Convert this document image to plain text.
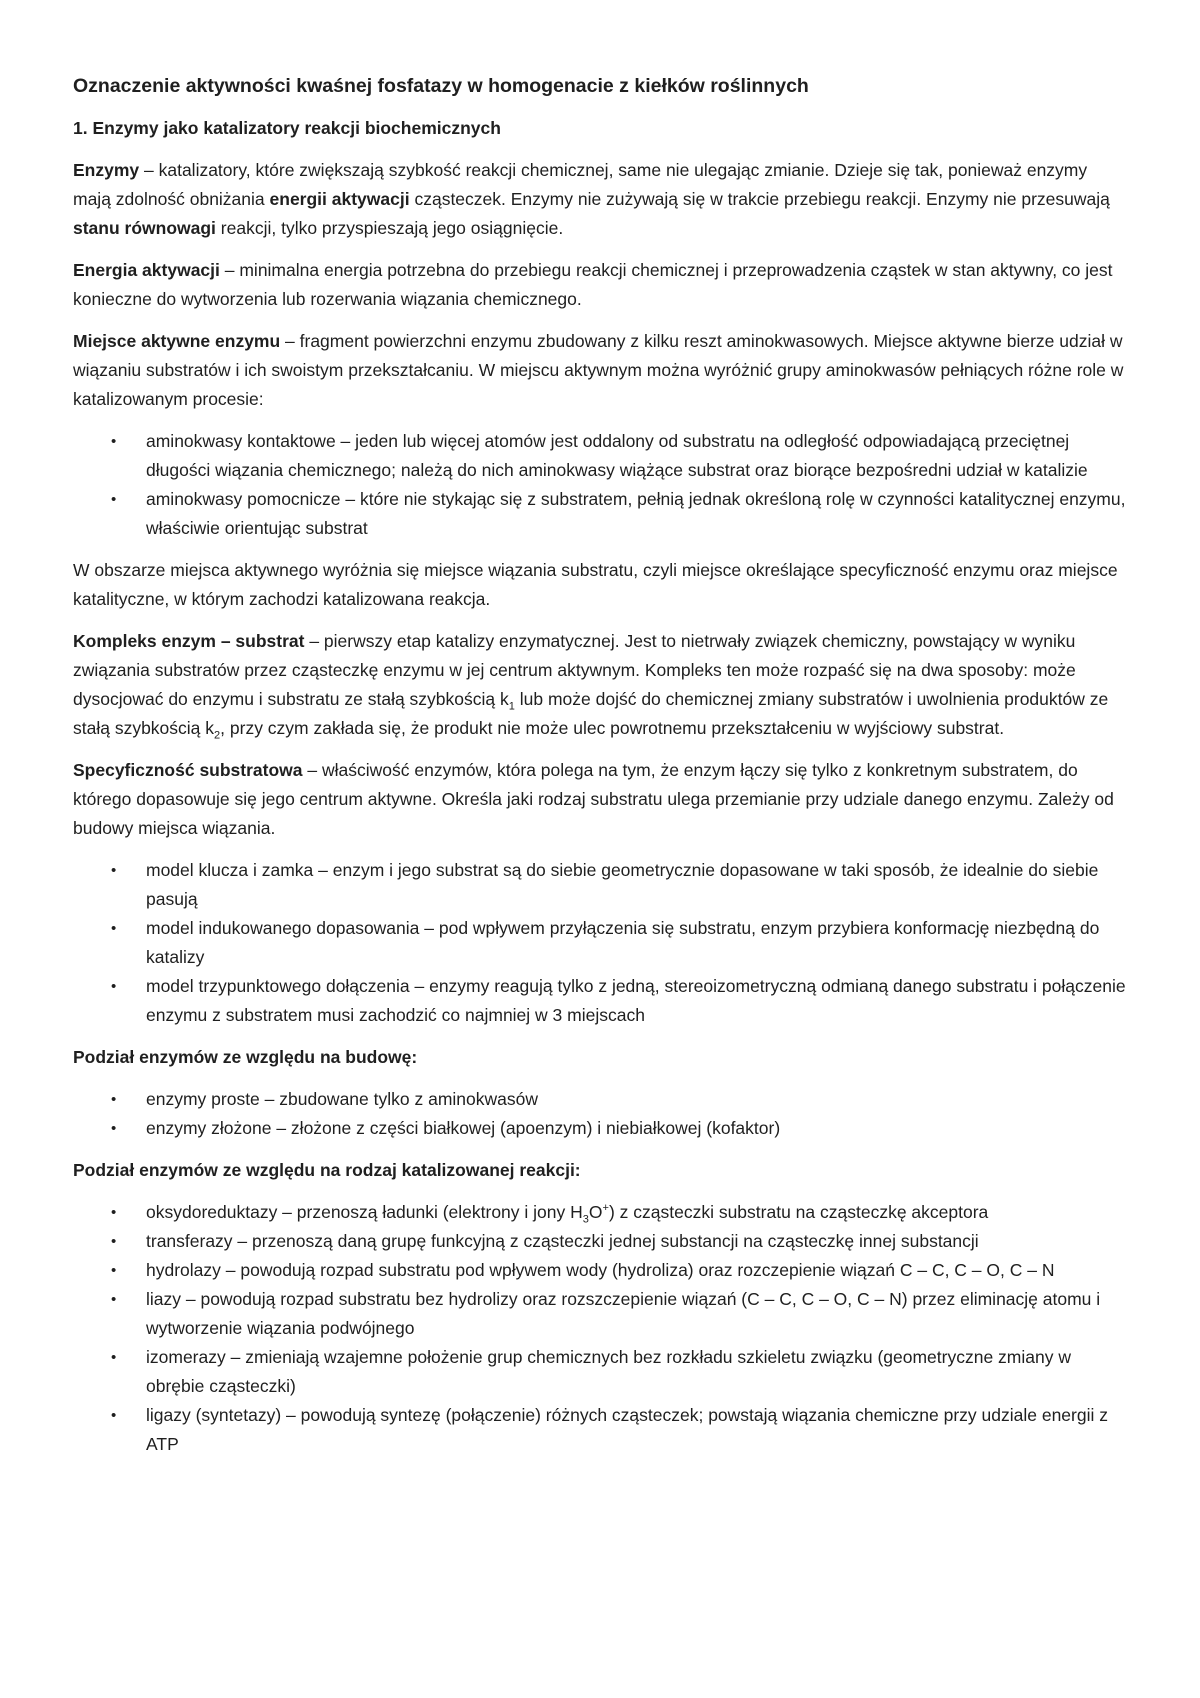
Oznaczenie aktywności kwaśnej fosfatazy w homogenacie z kiełków roślinnych
1. Enzymy jako katalizatory reakcji biochemicznych

Enzymy – katalizatory, które zwiększają szybkość reakcji chemicznej, same nie ulegając zmianie. Dzieje się tak, ponieważ enzymy mają zdolność obniżania energii aktywacji cząsteczek. Enzymy nie zużywają się w trakcie przebiegu reakcji. Enzymy nie przesuwają stanu równowagi reakcji, tylko przyspieszają jego osiągnięcie.

Energia aktywacji – minimalna energia potrzebna do przebiegu reakcji chemicznej i przeprowadzenia cząstek w stan aktywny, co jest konieczne do wytworzenia lub rozerwania wiązania chemicznego.

Miejsce aktywne enzymu – fragment powierzchni enzymu zbudowany z kilku reszt aminokwasowych. Miejsce aktywne bierze udział w wiązaniu substratów i ich swoistym przekształcaniu. W miejscu aktywnym można wyróżnić grupy aminokwasów pełniących różne role w katalizowanym procesie:

• aminokwasy kontaktowe – jeden lub więcej atomów jest oddalony od substratu na odległość odpowiadającą przeciętnej długości wiązania chemicznego; należą do nich aminokwasy wiążące substrat oraz biorące bezpośredni udział w katalizie
• aminokwasy pomocnicze – które nie stykając się z substratem, pełnią jednak określoną rolę w czynności katalitycznej enzymu, właściwie orientując substrat

W obszarze miejsca aktywnego wyróżnia się miejsce wiązania substratu, czyli miejsce określające specyficzność enzymu oraz miejsce katalityczne, w którym zachodzi katalizowana reakcja.

Kompleks enzym – substrat – pierwszy etap katalizy enzymatycznej. Jest to nietrwały związek chemiczny, powstający w wyniku związania substratów przez cząsteczkę enzymu w jej centrum aktywnym. Kompleks ten może rozpaść się na dwa sposoby: może dysocjować do enzymu i substratu ze stałą szybkością $k_1$ lub może dojść do chemicznej zmiany substratów i uwolnienia produktów ze stałą szybkością $k_2$, przy czym zakłada się, że produkt nie może ulec powrotnemu przekształceniu w wyjściowy substrat.

Specyficzność substratowa – właściwość enzymów, która polega na tym, że enzym łączy się tylko z konkretnym substratem, do którego dopasowuje się jego centrum aktywne. Określa jaki rodzaj substratu ulega przemianie przy udziale danego enzymu. Zależy od budowy miejsca wiązania.

• model klucza i zamka – enzym i jego substrat są do siebie geometrycznie dopasowane w taki sposób, że idealnie do siebie pasują
• model indukowanego dopasowania – pod wpływem przyłączenia się substratu, enzym przybiera konformację niezbędną do katalizy
• model trzypunktowego dołączenia – enzymy reagują tylko z jedną, stereoizometryczną odmianą danego substratu i połączenie enzymu z substratem musi zachodzić co najmniej w 3 miejscach
Podział enzymów ze względu na budowę:
• enzymy proste – zbudowane tylko z aminokwasów
• enzymy złożone – złożone z części białkowej (apoenzym) i niebiałkowej (kofaktor)
Podział enzymów ze względu na rodzaj katalizowanej reakcji:
• oksydoreduktazy – przenoszą ładunki (elektrony i jony $H_3O^+$) z cząsteczki substratu na cząsteczkę akceptora
• transferazy – przenoszą daną grupę funkcyjną z cząsteczki jednej substancji na cząsteczkę innej substancji
• hydrolazy – powodują rozpad substratu pod wpływem wody (hydroliza) oraz rozczepienie wiązań C – C, C – O, C – N
• liazy – powodują rozpad substratu bez hydrolizy oraz rozszczepienie wiązań (C – C, C – O, C – N) przez eliminację atomu i wytworzenie wiązania podwójnego
• izomerazy – zmieniają wzajemne położenie grup chemicznych bez rozkładu szkieletu związku (geometryczne zmiany w obrębie cząsteczki)
• ligazy (syntetazy) – powodują syntezę (połączenie) różnych cząsteczek; powstają wiązania chemiczne przy udziale energii z ATP
